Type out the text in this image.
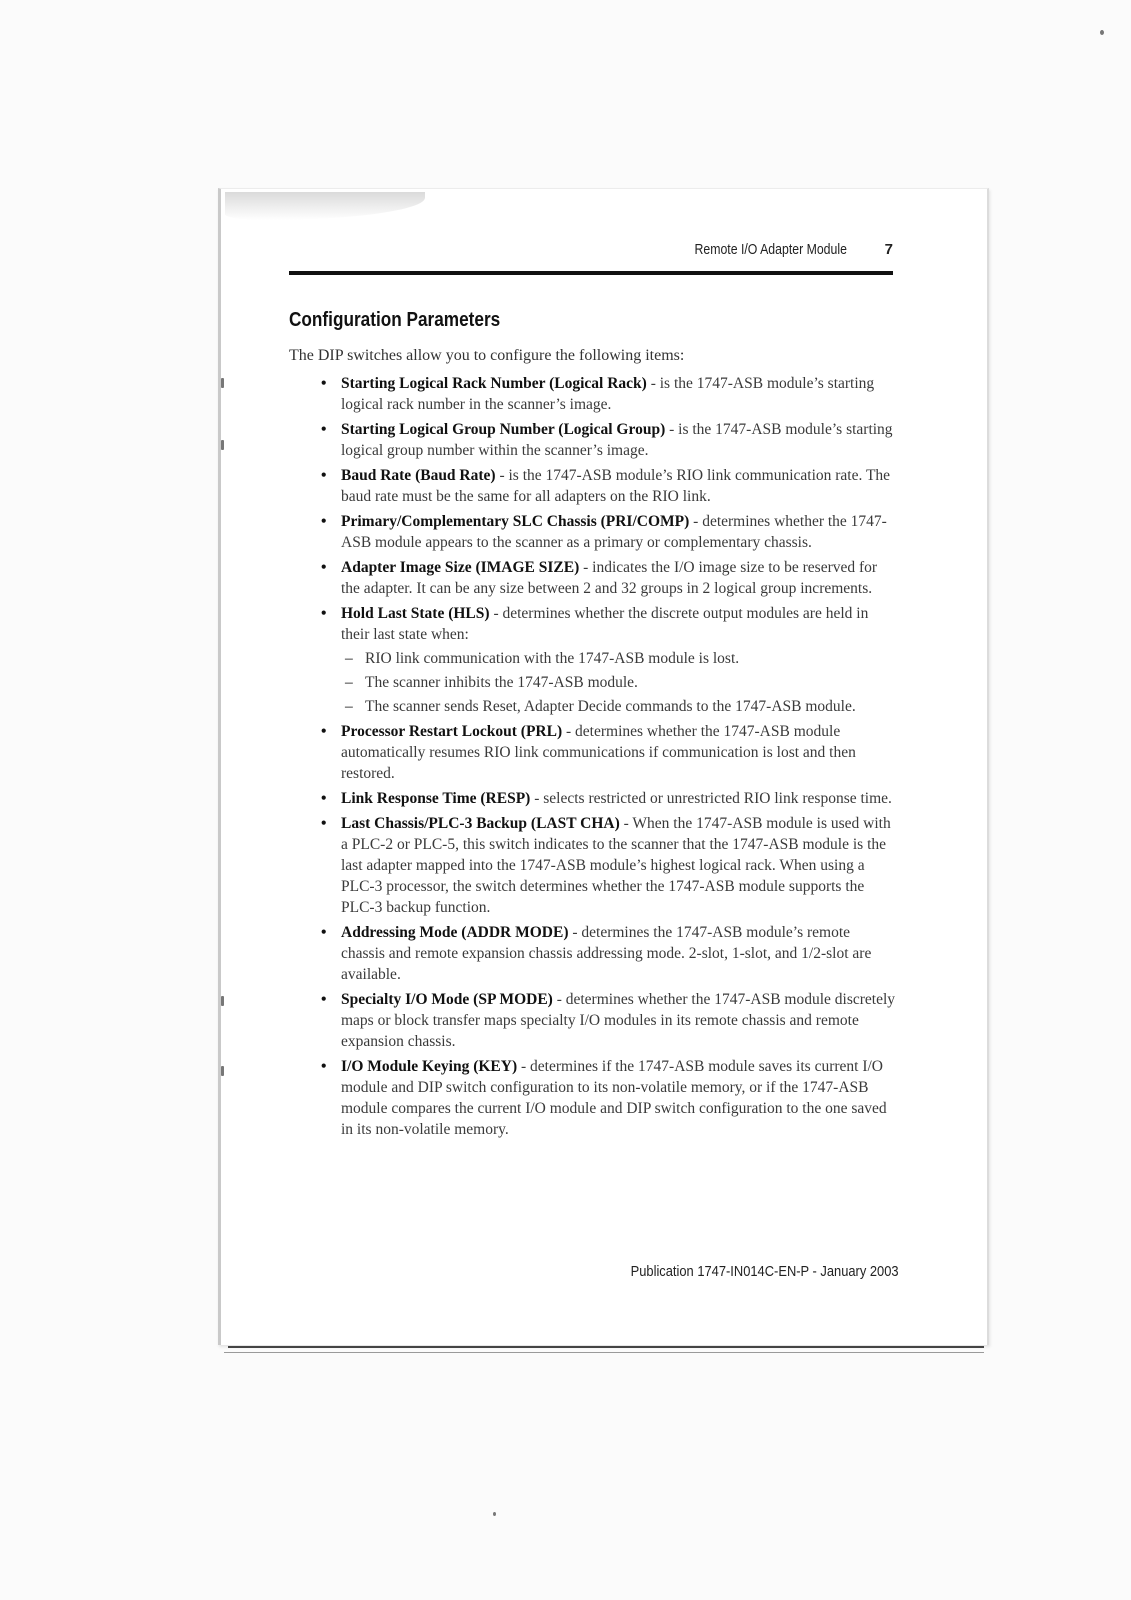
Remote I/O Adapter Module	7
Configuration Parameters
The DIP switches allow you to configure the following items:
• Starting Logical Rack Number (Logical Rack) - is the 1747-ASB module’s starting logical rack number in the scanner’s image.
• Starting Logical Group Number (Logical Group) - is the 1747-ASB module’s starting logical group number within the scanner’s image.
• Baud Rate (Baud Rate) - is the 1747-ASB module’s RIO link communication rate. The baud rate must be the same for all adapters on the RIO link.
• Primary/Complementary SLC Chassis (PRI/COMP) - determines whether the 1747-ASB module appears to the scanner as a primary or complementary chassis.
• Adapter Image Size (IMAGE SIZE) - indicates the I/O image size to be reserved for the adapter. It can be any size between 2 and 32 groups in 2 logical group increments.
• Hold Last State (HLS) - determines whether the discrete output modules are held in their last state when:
– RIO link communication with the 1747-ASB module is lost.
– The scanner inhibits the 1747-ASB module.
– The scanner sends Reset, Adapter Decide commands to the 1747-ASB module.
• Processor Restart Lockout (PRL) - determines whether the 1747-ASB module automatically resumes RIO link communications if communication is lost and then restored.
• Link Response Time (RESP) - selects restricted or unrestricted RIO link response time.
• Last Chassis/PLC-3 Backup (LAST CHA) - When the 1747-ASB module is used with a PLC-2 or PLC-5, this switch indicates to the scanner that the 1747-ASB module is the last adapter mapped into the 1747-ASB module’s highest logical rack. When using a PLC-3 processor, the switch determines whether the 1747-ASB module supports the PLC-3 backup function.
• Addressing Mode (ADDR MODE) - determines the 1747-ASB module’s remote chassis and remote expansion chassis addressing mode. 2-slot, 1-slot, and 1/2-slot are available.
• Specialty I/O Mode (SP MODE) - determines whether the 1747-ASB module discretely maps or block transfer maps specialty I/O modules in its remote chassis and remote expansion chassis.
• I/O Module Keying (KEY) - determines if the 1747-ASB module saves its current I/O module and DIP switch configuration to its non-volatile memory, or if the 1747-ASB module compares the current I/O module and DIP switch configuration to the one saved in its non-volatile memory.
Publication 1747-IN014C-EN-P - January 2003
